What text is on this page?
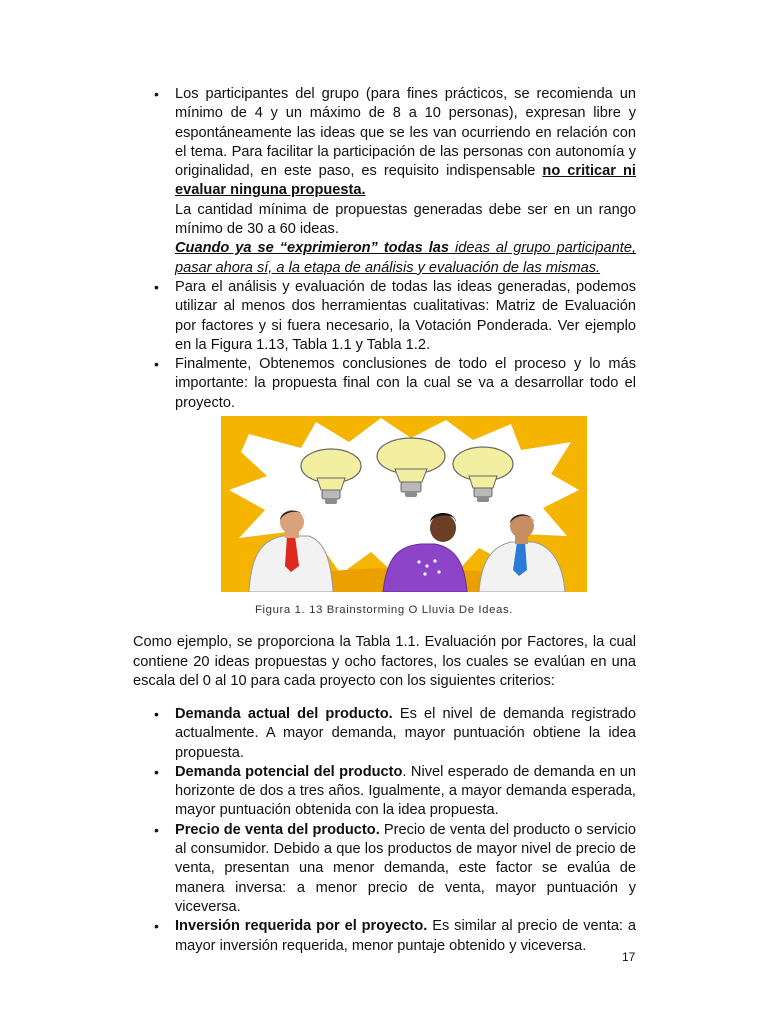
• Los participantes del grupo (para fines prácticos, se recomienda un mínimo de 4 y un máximo de 8 a 10 personas), expresan libre y espontáneamente las ideas que se les van ocurriendo en relación con el tema. Para facilitar la participación de las personas con autonomía y originalidad, en este paso, es requisito indispensable no criticar ni evaluar ninguna propuesta.
La cantidad mínima de propuestas generadas debe ser en un rango mínimo de 30 a 60 ideas.
Cuando ya se “exprimieron” todas las ideas al grupo participante, pasar ahora sí, a la etapa de análisis y evaluación de las mismas.
• Para el análisis y evaluación de todas las ideas generadas, podemos utilizar al menos dos herramientas cualitativas: Matriz de Evaluación por factores y si fuera necesario, la Votación Ponderada. Ver ejemplo en la Figura 1.13, Tabla 1.1 y Tabla 1.2.
• Finalmente, Obtenemos conclusiones de todo el proceso y lo más importante: la propuesta final con la cual se va a desarrollar todo el proyecto.
Figura 1. 13 Brainstorming O Lluvia De Ideas.

Como ejemplo, se proporciona la Tabla 1.1. Evaluación por Factores, la cual contiene 20 ideas propuestas y ocho factores, los cuales se evalúan en una escala del 0 al 10 para cada proyecto con los siguientes criterios:

• Demanda actual del producto. Es el nivel de demanda registrado actualmente. A mayor demanda, mayor puntuación obtiene la idea propuesta.
• Demanda potencial del producto. Nivel esperado de demanda en un horizonte de dos a tres años. Igualmente, a mayor demanda esperada, mayor puntuación obtenida con la idea propuesta.
• Precio de venta del producto. Precio de venta del producto o servicio al consumidor. Debido a que los productos de mayor nivel de precio de venta, presentan una menor demanda, este factor se evalúa de manera inversa: a menor precio de venta, mayor puntuación y viceversa.
• Inversión requerida por el proyecto. Es similar al precio de venta: a mayor inversión requerida, menor puntaje obtenido y viceversa.
17
